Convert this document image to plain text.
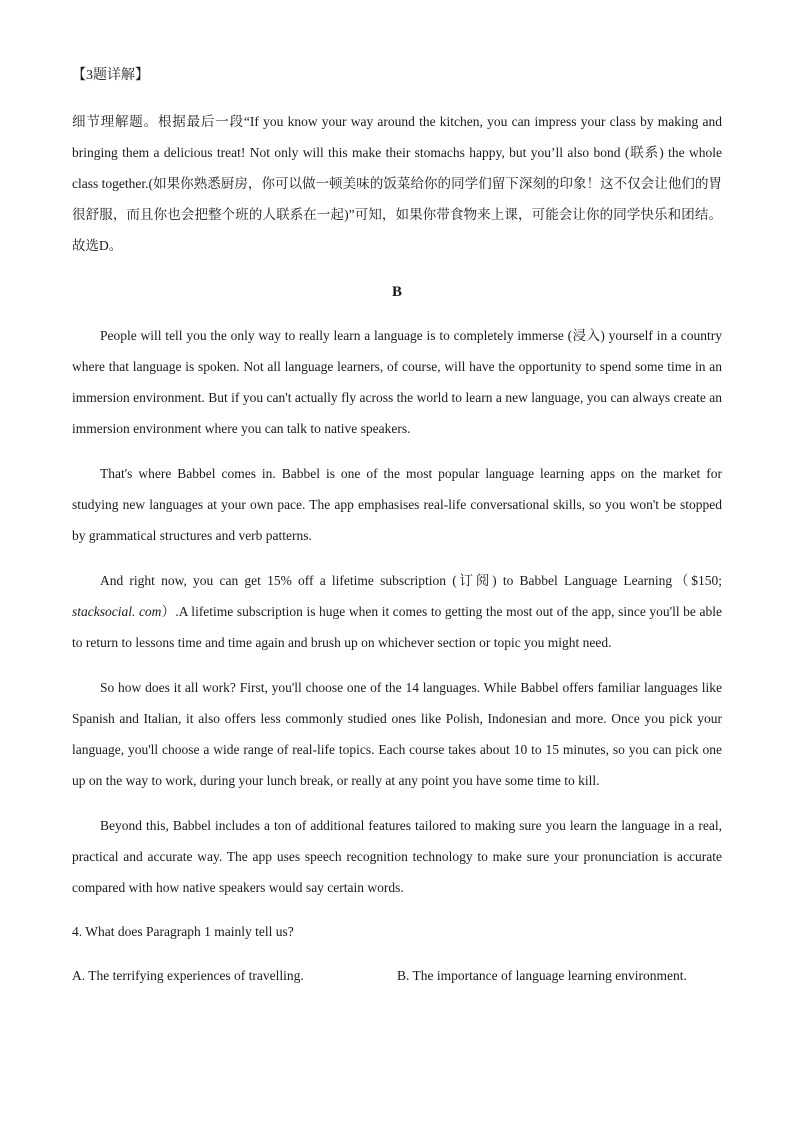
【3题详解】

细节理解题。根据最后一段“If you know your way around the kitchen, you can impress your class by making and bringing them a delicious treat! Not only will this make their stomachs happy, but you’ll also bond (联系) the whole class together.(如果你熟悉厨房，你可以做一顿美味的饭菜给你的同学们留下深刻的印象！这不仅会让他们的胃很舒服，而且你也会把整个班的人联系在一起)”可知，如果你带食物来上课，可能会让你的同学快乐和团结。故选D。

B

People will tell you the only way to really learn a language is to completely immerse (浸入) yourself in a country where that language is spoken. Not all language learners, of course, will have the opportunity to spend some time in an immersion environment. But if you can't actually fly across the world to learn a new language, you can always create an immersion environment where you can talk to native speakers.

That's where Babbel comes in. Babbel is one of the most popular language learning apps on the market for studying new languages at your own pace. The app emphasises real-life conversational skills, so you won't be stopped by grammatical structures and verb patterns.

And right now, you can get 15% off a lifetime subscription (订阅) to Babbel Language Learning（$150; stacksocial. com）.A lifetime subscription is huge when it comes to getting the most out of the app, since you'll be able to return to lessons time and time again and brush up on whichever section or topic you might need.

So how does it all work? First, you'll choose one of the 14 languages. While Babbel offers familiar languages like Spanish and Italian, it also offers less commonly studied ones like Polish, Indonesian and more. Once you pick your language, you'll choose a wide range of real-life topics. Each course takes about 10 to 15 minutes, so you can pick one up on the way to work, during your lunch break, or really at any point you have some time to kill.

Beyond this, Babbel includes a ton of additional features tailored to making sure you learn the language in a real, practical and accurate way. The app uses speech recognition technology to make sure your pronunciation is accurate compared with how native speakers would say certain words.

4. What does Paragraph 1 mainly tell us?

A. The terrifying experiences of travelling.	B. The importance of language learning environment.
